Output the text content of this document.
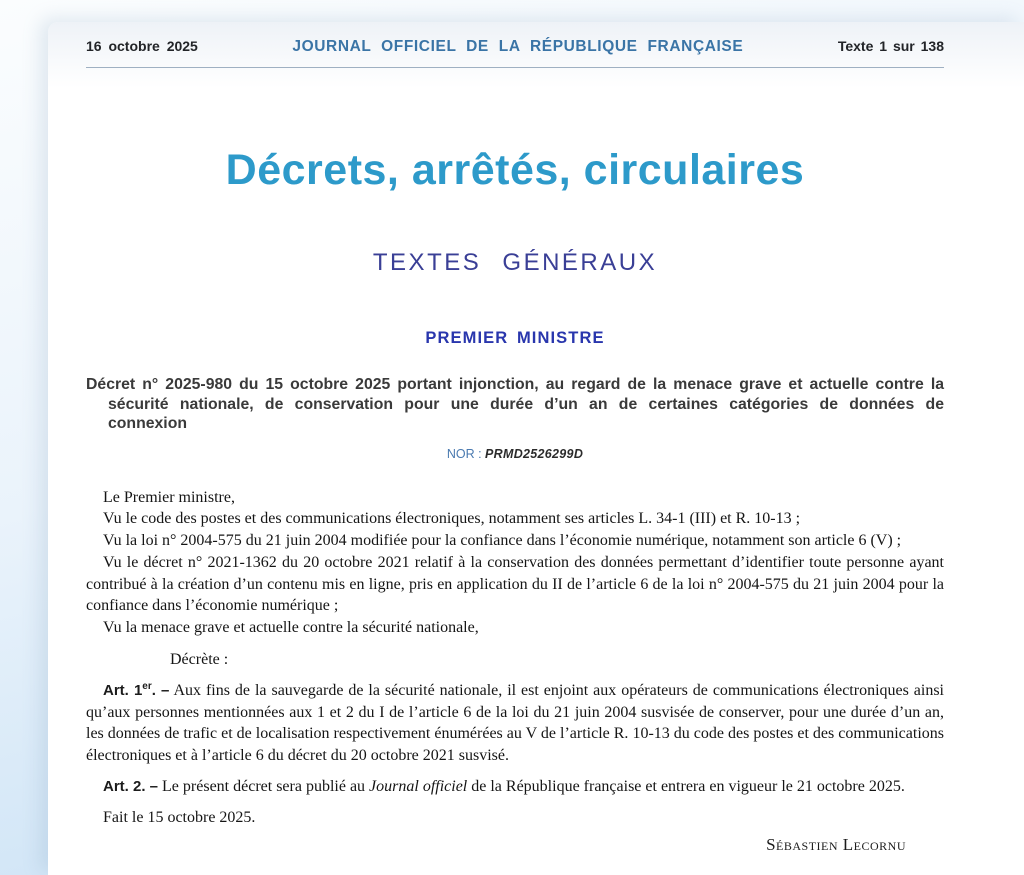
16 octobre 2025	JOURNAL OFFICIEL DE LA RÉPUBLIQUE FRANÇAISE	Texte 1 sur 138
Décrets, arrêtés, circulaires
TEXTES GÉNÉRAUX
PREMIER MINISTRE
Décret n° 2025-980 du 15 octobre 2025 portant injonction, au regard de la menace grave et actuelle contre la sécurité nationale, de conservation pour une durée d’un an de certaines catégories de données de connexion
NOR : PRMD2526299D

Le Premier ministre,

Vu le code des postes et des communications électroniques, notamment ses articles L. 34-1 (III) et R. 10-13 ;

Vu la loi n° 2004-575 du 21 juin 2004 modifiée pour la confiance dans l’économie numérique, notamment son article 6 (V) ;

Vu le décret n° 2021-1362 du 20 octobre 2021 relatif à la conservation des données permettant d’identifier toute personne ayant contribué à la création d’un contenu mis en ligne, pris en application du II de l’article 6 de la loi n° 2004-575 du 21 juin 2004 pour la confiance dans l’économie numérique ;

Vu la menace grave et actuelle contre la sécurité nationale,

Décrète :

Art. 1er. – Aux fins de la sauvegarde de la sécurité nationale, il est enjoint aux opérateurs de communications électroniques ainsi qu’aux personnes mentionnées aux 1 et 2 du I de l’article 6 de la loi du 21 juin 2004 susvisée de conserver, pour une durée d’un an, les données de trafic et de localisation respectivement énumérées au V de l’article R. 10-13 du code des postes et des communications électroniques et à l’article 6 du décret du 20 octobre 2021 susvisé.

Art. 2. – Le présent décret sera publié au Journal officiel de la République française et entrera en vigueur le 21 octobre 2025.

Fait le 15 octobre 2025.

Sébastien Lecornu
